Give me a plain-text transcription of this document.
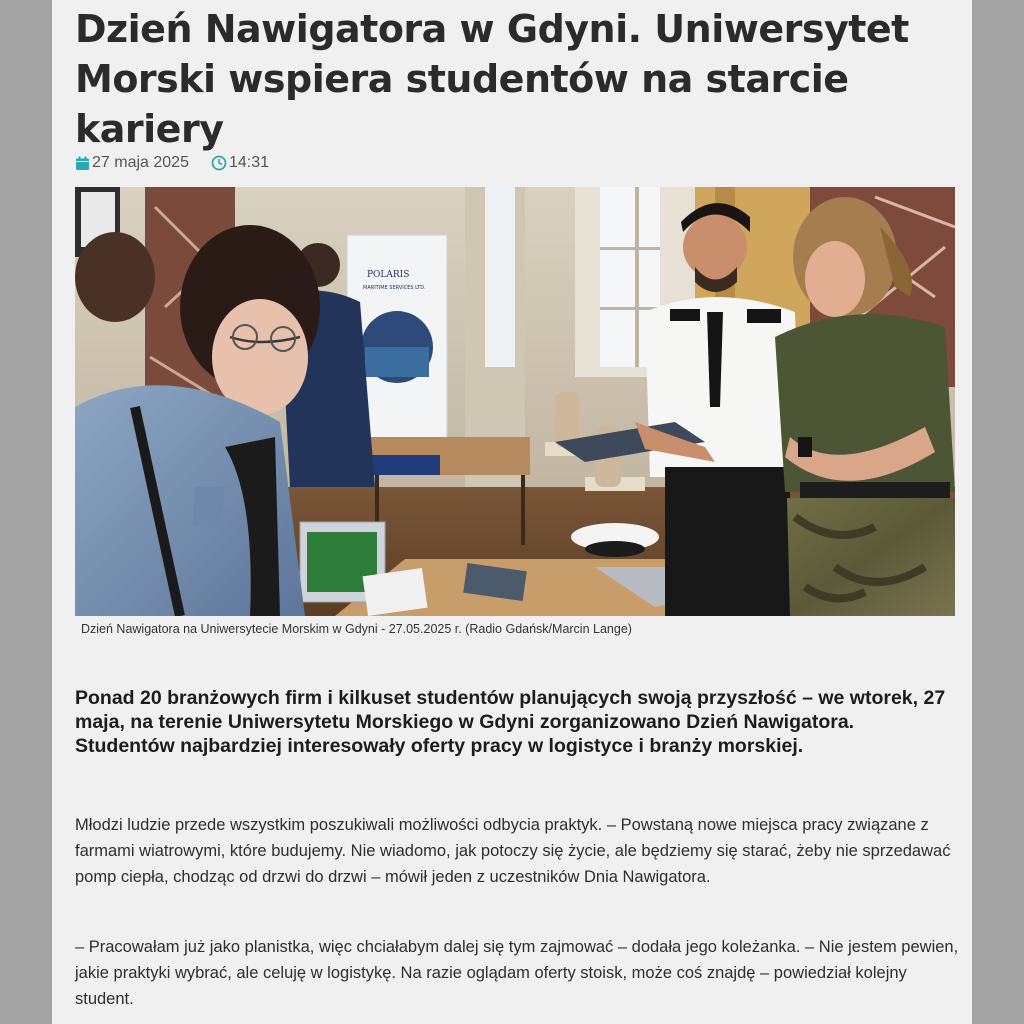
Dzień Nawigatora w Gdyni. Uniwersytet Morski wspiera studentów na starcie kariery
27 maja 2025	14:31
POLARIS
MARITIME SERVICES LTD.
Dzień Nawigatora na Uniwersytecie Morskim w Gdyni - 27.05.2025 r. (Radio Gdańsk/Marcin Lange)

Ponad 20 branżowych firm i kilkuset studentów planujących swoją przyszłość – we wtorek, 27 maja, na terenie Uniwersytetu Morskiego w Gdyni zorganizowano Dzień Nawigatora. Studentów najbardziej interesowały oferty pracy w logistyce i branży morskiej.

Młodzi ludzie przede wszystkim poszukiwali możliwości odbycia praktyk. – Powstaną nowe miejsca pracy związane z farmami wiatrowymi, które budujemy. Nie wiadomo, jak potoczy się życie, ale będziemy się starać, żeby nie sprzedawać pomp ciepła, chodząc od drzwi do drzwi – mówił jeden z uczestników Dnia Nawigatora.

– Pracowałam już jako planistka, więc chciałabym dalej się tym zajmować – dodała jego koleżanka. – Nie jestem pewien, jakie praktyki wybrać, ale celuję w logistykę. Na razie oglądam oferty stoisk, może coś znajdę – powiedział kolejny student.
